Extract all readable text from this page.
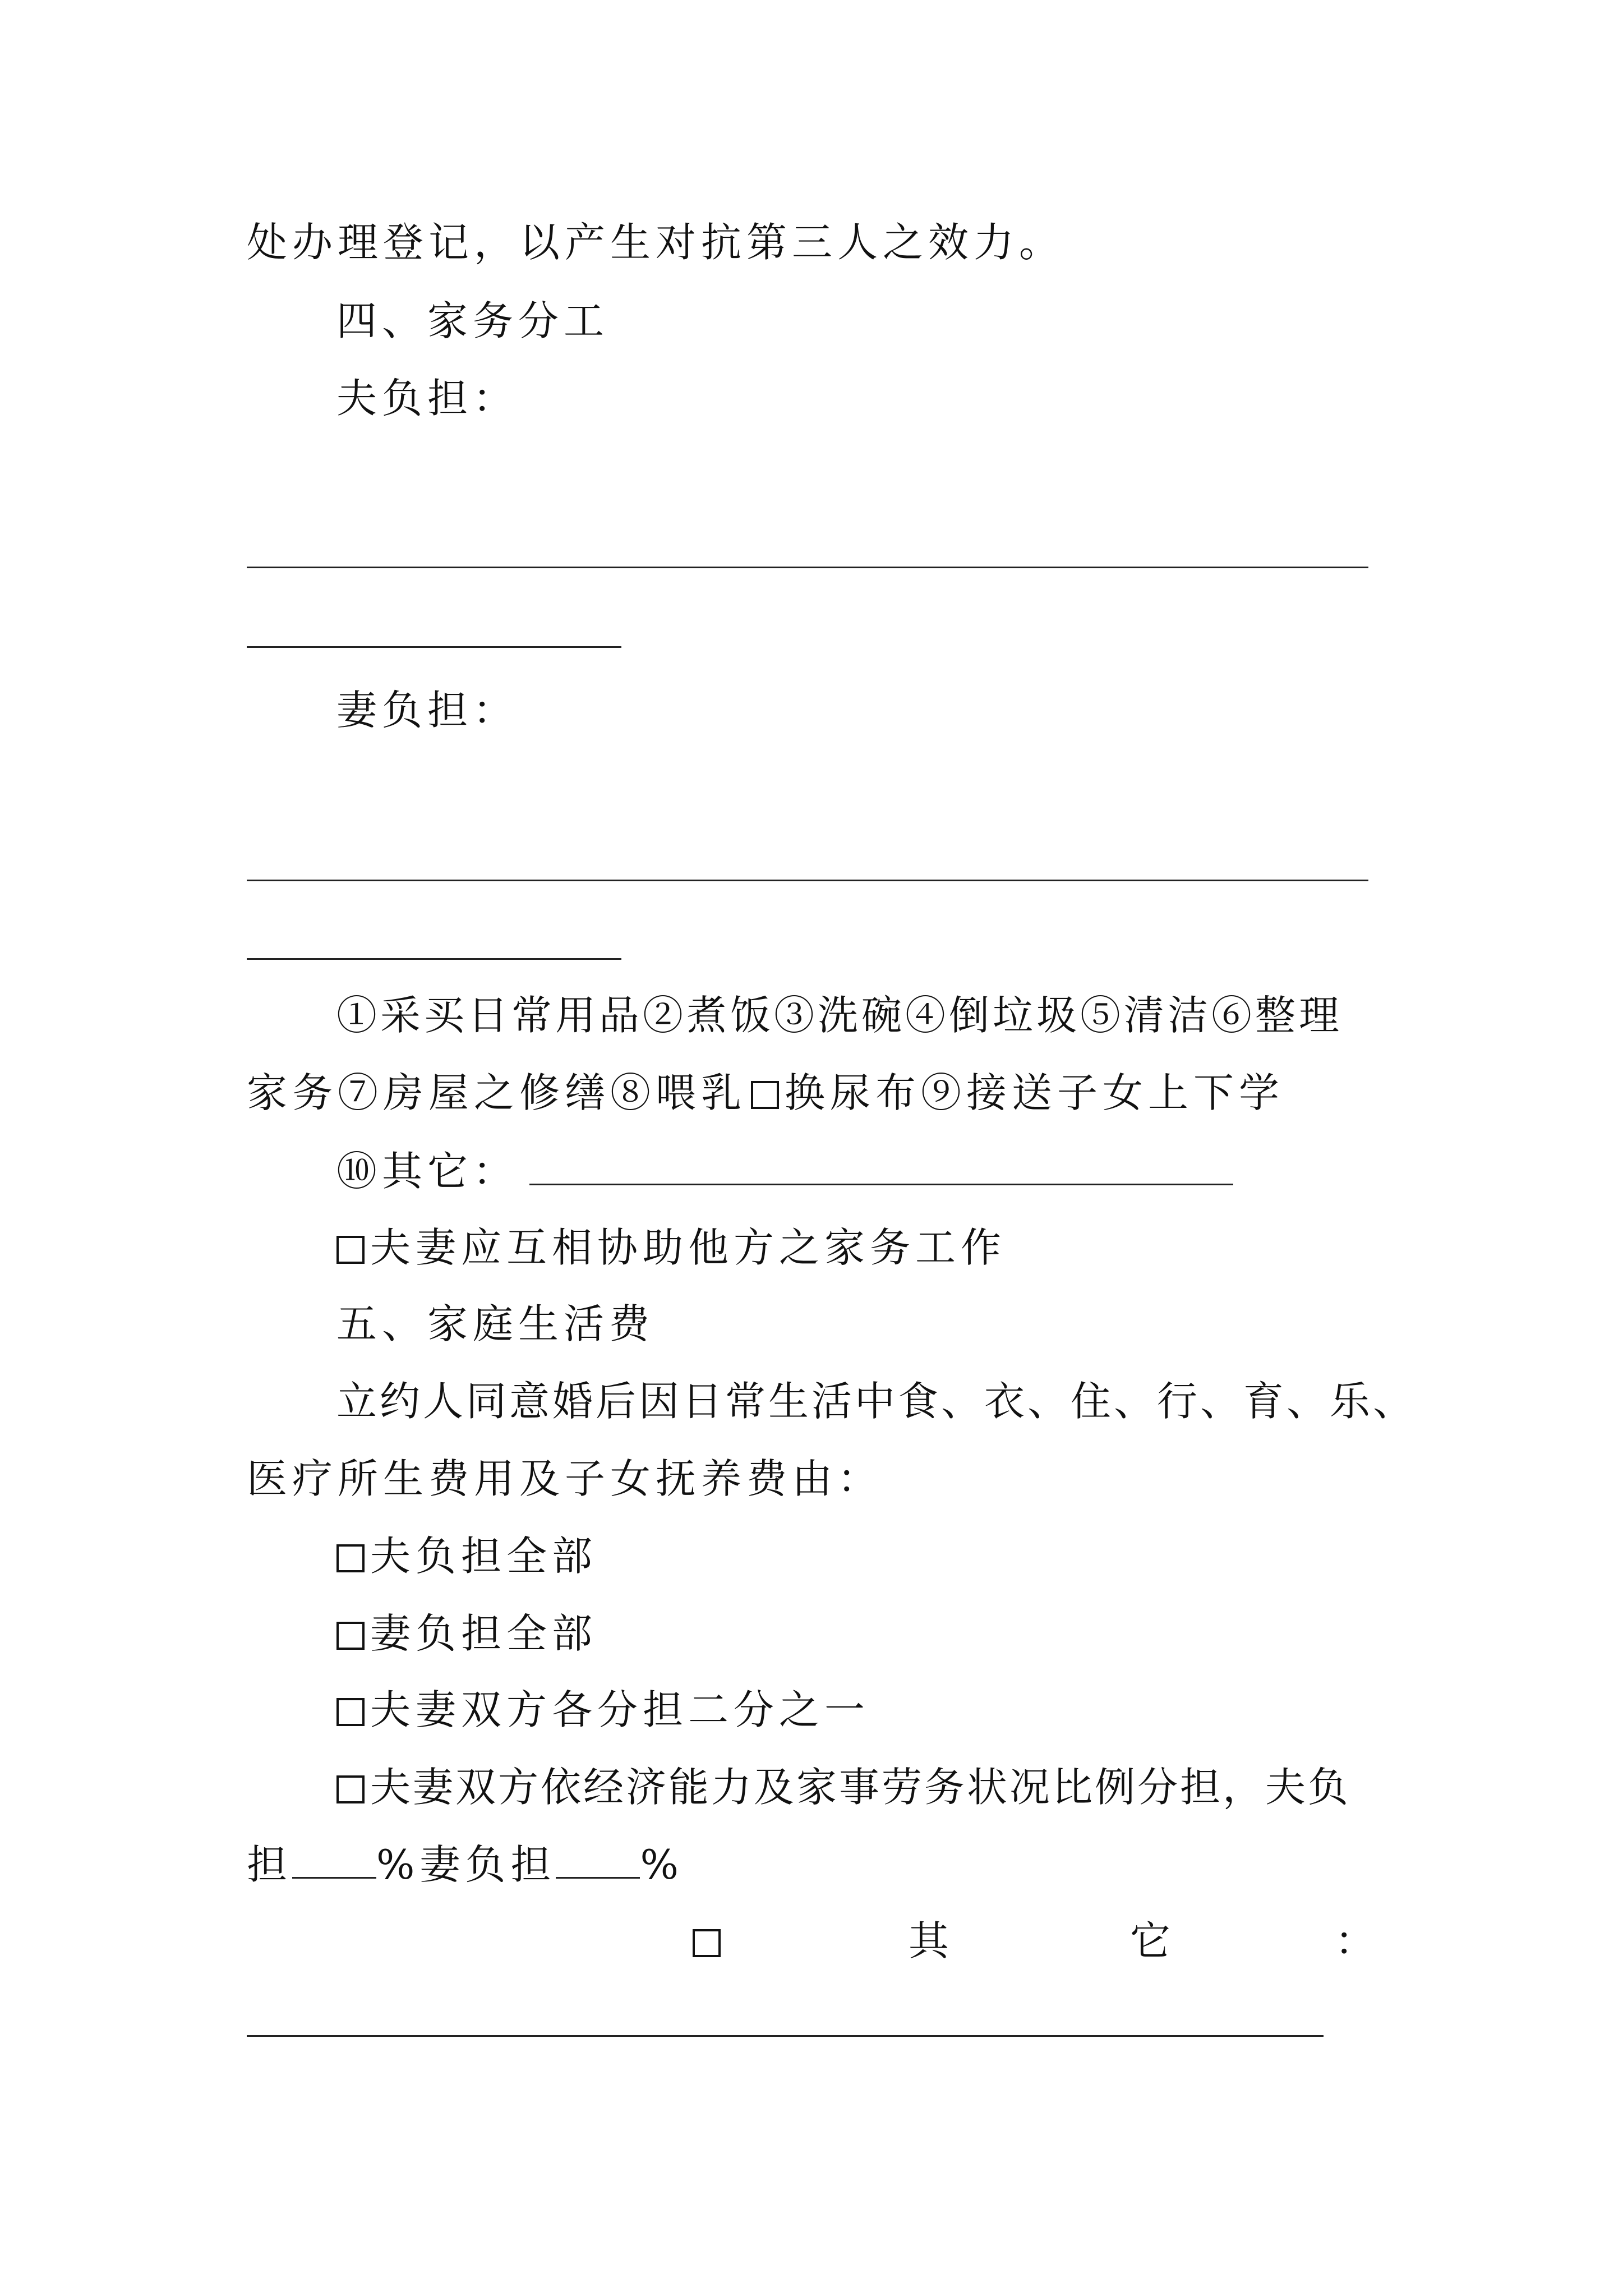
处办理登记，以产生对抗第三人之效力。
四、家务分工
夫负担：
妻负担：
①采买日常用品②煮饭③洗碗④倒垃圾⑤清洁⑥整理
家务⑦房屋之修缮⑧喂乳 换尿布⑨接送子女上下学
⑩其它：
夫妻应互相协助他方之家务工作
五、家庭生活费
立约人同意婚后因日常生活中食、衣、住、行、育、乐、
医疗所生费用及子女抚养费由：
夫负担全部
妻负担全部
夫妻双方各分担二分之一
夫妻双方依经济能力及家事劳务状况比例分担，夫负
担 %妻负担 %
其	它	：
